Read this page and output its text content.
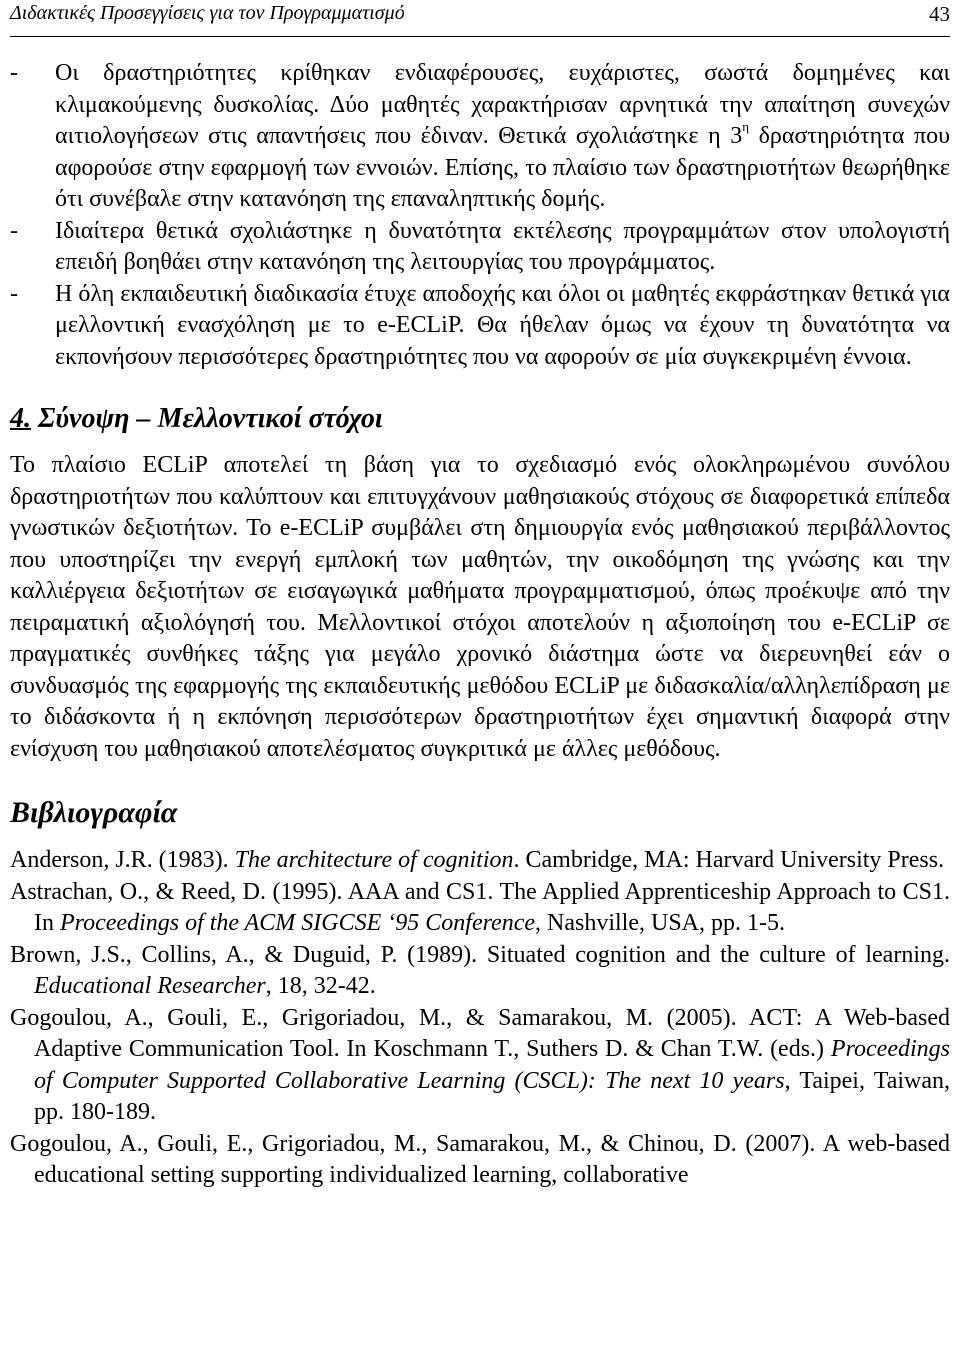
Διδακτικές Προσεγγίσεις για τον Προγραμματισμό	43
-	Οι δραστηριότητες κρίθηκαν ενδιαφέρουσες, ευχάριστες, σωστά δομημένες και κλιμακούμενης δυσκολίας. Δύο μαθητές χαρακτήρισαν αρνητικά την απαίτηση συνεχών αιτιολογήσεων στις απαντήσεις που έδιναν. Θετικά σχολιάστηκε η $3^\eta$ δραστηριότητα που αφορούσε στην εφαρμογή των εννοιών. Επίσης, το πλαίσιο των δραστηριοτήτων θεωρήθηκε ότι συνέβαλε στην κατανόηση της επαναληπτικής δομής.
-	Ιδιαίτερα θετικά σχολιάστηκε η δυνατότητα εκτέλεσης προγραμμάτων στον υπολογιστή επειδή βοηθάει στην κατανόηση της λειτουργίας του προγράμματος.
-	Η όλη εκπαιδευτική διαδικασία έτυχε αποδοχής και όλοι οι μαθητές εκφράστηκαν θετικά για μελλοντική ενασχόληση με το e-ECLiP. Θα ήθελαν όμως να έχουν τη δυνατότητα να εκπονήσουν περισσότερες δραστηριότητες που να αφορούν σε μία συγκεκριμένη έννοια.
4. Σύνοψη – Μελλοντικοί στόχοι
Το πλαίσιο ECLiP αποτελεί τη βάση για το σχεδιασμό ενός ολοκληρωμένου συνόλου δραστηριοτήτων που καλύπτουν και επιτυγχάνουν μαθησιακούς στόχους σε διαφορετικά επίπεδα γνωστικών δεξιοτήτων. Το e-ECLiP συμβάλει στη δημιουργία ενός μαθησιακού περιβάλλοντος που υποστηρίζει την ενεργή εμπλοκή των μαθητών, την οικοδόμηση της γνώσης και την καλλιέργεια δεξιοτήτων σε εισαγωγικά μαθήματα προγραμματισμού, όπως προέκυψε από την πειραματική αξιολόγησή του. Μελλοντικοί στόχοι αποτελούν η αξιοποίηση του e-ECLiP σε πραγματικές συνθήκες τάξης για μεγάλο χρονικό διάστημα ώστε να διερευνηθεί εάν ο συνδυασμός της εφαρμογής της εκπαιδευτικής μεθόδου ECLiP με διδασκαλία/αλληλεπίδραση με το διδάσκοντα ή η εκπόνηση περισσότερων δραστηριοτήτων έχει σημαντική διαφορά στην ενίσχυση του μαθησιακού αποτελέσματος συγκριτικά με άλλες μεθόδους.
Βιβλιογραφία

Anderson, J.R. (1983). The architecture of cognition. Cambridge, MA: Harvard University Press.

Astrachan, O., & Reed, D. (1995). AAA and CS1. The Applied Apprenticeship Approach to CS1. In Proceedings of the ACM SIGCSE ‘95 Conference, Nashville, USA, pp. 1-5.

Brown, J.S., Collins, A., & Duguid, P. (1989). Situated cognition and the culture of learning. Educational Researcher, 18, 32-42.

Gogoulou, A., Gouli, E., Grigoriadou, M., & Samarakou, M. (2005). ACT: A Web-based Adaptive Communication Tool. In Koschmann T., Suthers D. & Chan T.W. (eds.) Proceedings of Computer Supported Collaborative Learning (CSCL): The next 10 years, Taipei, Taiwan, pp. 180-189.

Gogoulou, A., Gouli, E., Grigoriadou, M., Samarakou, M., & Chinou, D. (2007). A web-based educational setting supporting individualized learning, collaborative
